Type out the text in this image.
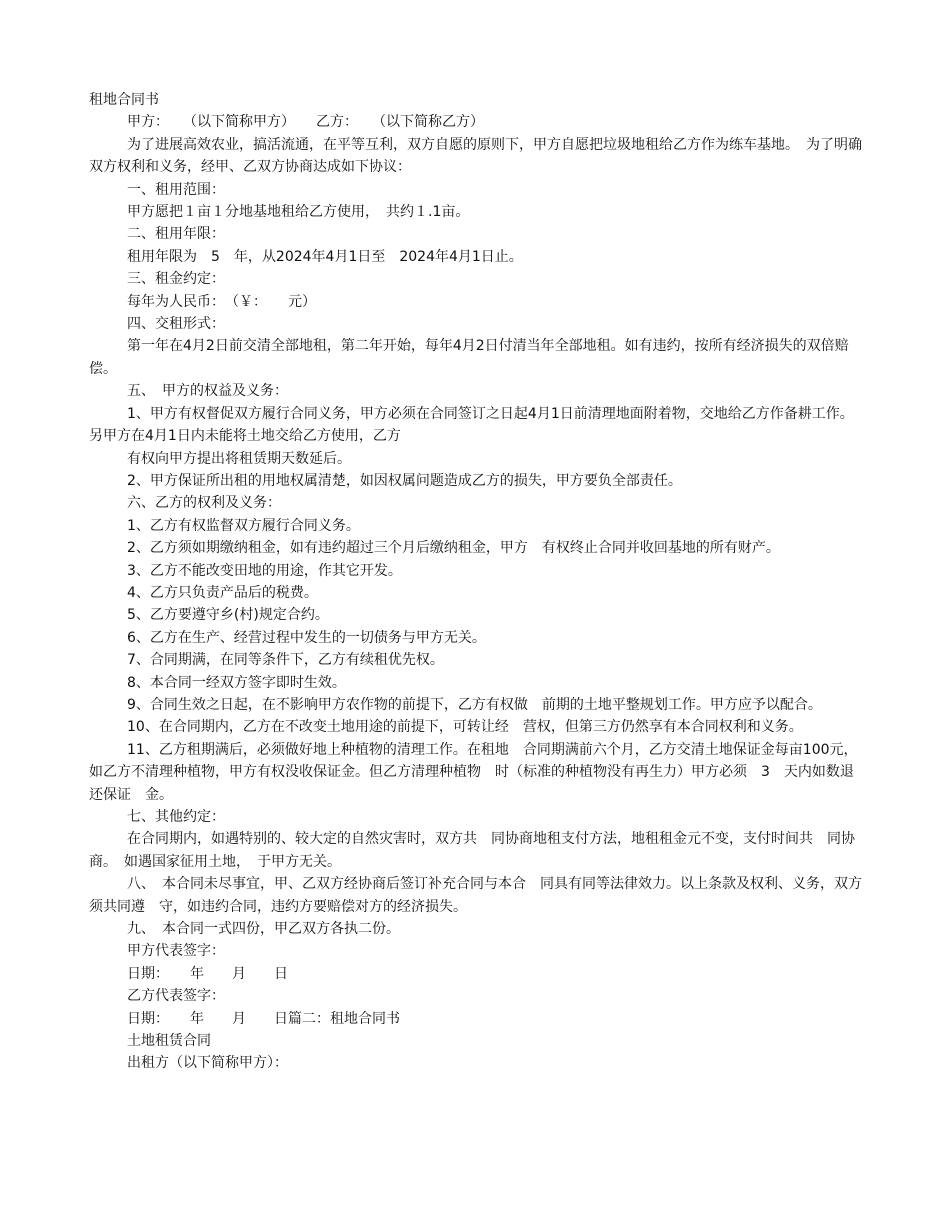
租地合同书

甲方：　　（以下简称甲方）　　乙方：　　（以下简称乙方）

为了进展高效农业，搞活流通，在平等互利，双方自愿的原则下，甲方自愿把垃圾地租给乙方作为练车基地。　为了明确双方权利和义务，经甲、乙双方协商达成如下协议：

一、租用范围：

甲方愿把１亩１分地基地租给乙方使用，　共约１.1亩。

二、租用年限：

租用年限为　5　年，从2024年4月1日至　2024年4月1日止。

三、租金约定：

每年为人民币：　（￥：　　元）

四、交租形式：

第一年在4月2日前交清全部地租，第二年开始，每年4月2日付清当年全部地租。如有违约，按所有经济损失的双倍赔偿。

五、　甲方的权益及义务：

1、甲方有权督促双方履行合同义务，甲方必须在合同签订之日起4月1日前清理地面附着物，交地给乙方作备耕工作。另甲方在4月1日内未能将土地交给乙方使用，乙方

有权向甲方提出将租赁期天数延后。

2、甲方保证所出租的用地权属清楚，如因权属问题造成乙方的损失，甲方要负全部责任。

六、乙方的权利及义务：

1、乙方有权监督双方履行合同义务。

2、乙方须如期缴纳租金，如有违约超过三个月后缴纳租金，甲方　有权终止合同并收回基地的所有财产。

3、乙方不能改变田地的用途，作其它开发。

4、乙方只负责产品后的税费。

5、乙方要遵守乡(村)规定合约。

6、乙方在生产、经营过程中发生的一切债务与甲方无关。

7、合同期满，在同等条件下，乙方有续租优先权。

8、本合同一经双方签字即时生效。

9、合同生效之日起，在不影响甲方农作物的前提下，乙方有权做　前期的土地平整规划工作。甲方应予以配合。

10、在合同期内，乙方在不改变土地用途的前提下，可转让经　营权，但第三方仍然享有本合同权利和义务。

11、乙方租期满后，必须做好地上种植物的清理工作。在租地　合同期满前六个月，乙方交清土地保证金每亩100元，如乙方不清理种植物，甲方有权没收保证金。但乙方清理种植物　时（标准的种植物没有再生力）甲方必须　3　天内如数退还保证　金。

七、其他约定：

在合同期内，如遇特别的、较大定的自然灾害时，双方共　同协商地租支付方法，地租租金元不变，支付时间共　同协商。　如遇国家征用土地，　于甲方无关。

八、　本合同未尽事宜，甲、乙双方经协商后签订补充合同与本合　同具有同等法律效力。以上条款及权利、义务，双方须共同遵　守，如违约合同，违约方要赔偿对方的经济损失。

九、　本合同一式四份，甲乙双方各执二份。

甲方代表签字：

日期：　　年　　月　　日

乙方代表签字：

日期：　　年　　月　　日篇二：租地合同书

土地租赁合同

出租方（以下简称甲方）：
